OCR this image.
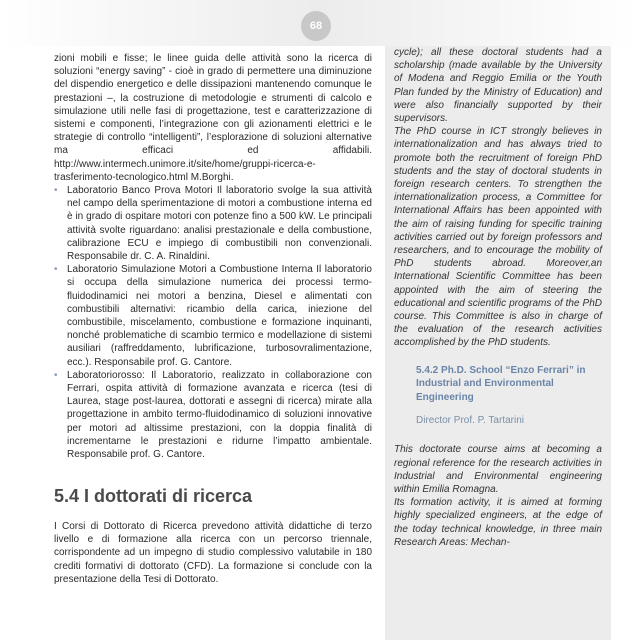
68

zioni mobili e fisse; le linee guida delle attività sono la ricerca di soluzioni “energy saving” - cioè in grado di permettere una diminuzione del dispendio energetico e delle dissipazioni mantenendo comunque le prestazioni –, la costruzione di metodologie e strumenti di calcolo e simulazione utili nelle fasi di progettazione, test e caratterizzazione di sistemi e componenti, l’integrazione con gli azionamenti elettrici e le strategie di controllo “intelligenti”, l’esplorazione di soluzioni alternative ma efficaci ed affidabili. http://www.intermech.unimore.it/site/home/gruppi-ricerca-e-trasferimento-tecnologico.html M.Borghi.

• Laboratorio Banco Prova Motori Il laboratorio svolge la sua attività nel campo della sperimentazione di motori a combustione interna ed è in grado di ospitare motori con potenze fino a 500 kW. Le principali attività svolte riguardano: analisi prestazionale e della combustione, calibrazione ECU e impiego di combustibili non convenzionali. Responsabile dr. C. A. Rinaldini.
• Laboratorio Simulazione Motori a Combustione Interna Il laboratorio si occupa della simulazione numerica dei processi termo-fluidodinamici nei motori a benzina, Diesel e alimentati con combustibili alternativi: ricambio della carica, iniezione del combustibile, miscelamento, combustione e formazione inquinanti, nonché problematiche di scambio termico e modellazione di sistemi ausiliari (raffreddamento, lubrificazione, turbosovralimentazione, ecc.). Responsabile prof. G. Cantore.
• Laboratoriorosso: Il Laboratorio, realizzato in collaborazione con Ferrari, ospita attività di formazione avanzata e ricerca (tesi di Laurea, stage post-laurea, dottorati e assegni di ricerca) mirate alla progettazione in ambito termo-fluidodinamico di soluzioni innovative per motori ad altissime prestazioni, con la doppia finalità di incrementarne le prestazioni e ridurne l’impatto ambientale. Responsabile prof. G. Cantore.
5.4 I dottorati di ricerca

I Corsi di Dottorato di Ricerca prevedono attività didattiche di terzo livello e di formazione alla ricerca con un percorso triennale, corrispondente ad un impegno di studio complessivo valutabile in 180 crediti formativi di dottorato (CFD). La formazione si conclude con la presentazione della Tesi di Dottorato.

cycle); all these doctoral students had a scholarship (made available by the University of Modena and Reggio Emilia or the Youth Plan funded by the Ministry of Education) and were also financially supported by their supervisors.

The PhD course in ICT strongly believes in internationalization and has always tried to promote both the recruitment of foreign PhD students and the stay of doctoral students in foreign research centers. To strengthen the internationalization process, a Committee for International Affairs has been appointed with the aim of raising funding for specific training activities carried out by foreign professors and researchers, and to encourage the mobility of PhD students abroad. Moreover,an International Scientific Committee has been appointed with the aim of steering the educational and scientific programs of the PhD course. This Committee is also in charge of the evaluation of the research activities accomplished by the PhD students.

5.4.2 Ph.D. School “Enzo Ferrari” in Industrial and Environmental Engineering
Director Prof. P. Tartarini

This doctorate course aims at becoming a regional reference for the research activities in Industrial and Environmental engineering within Emilia Romagna.

Its formation activity, it is aimed at forming highly specialized engineers, at the edge of the today technical knowledge, in three main Research Areas: Mechan-
